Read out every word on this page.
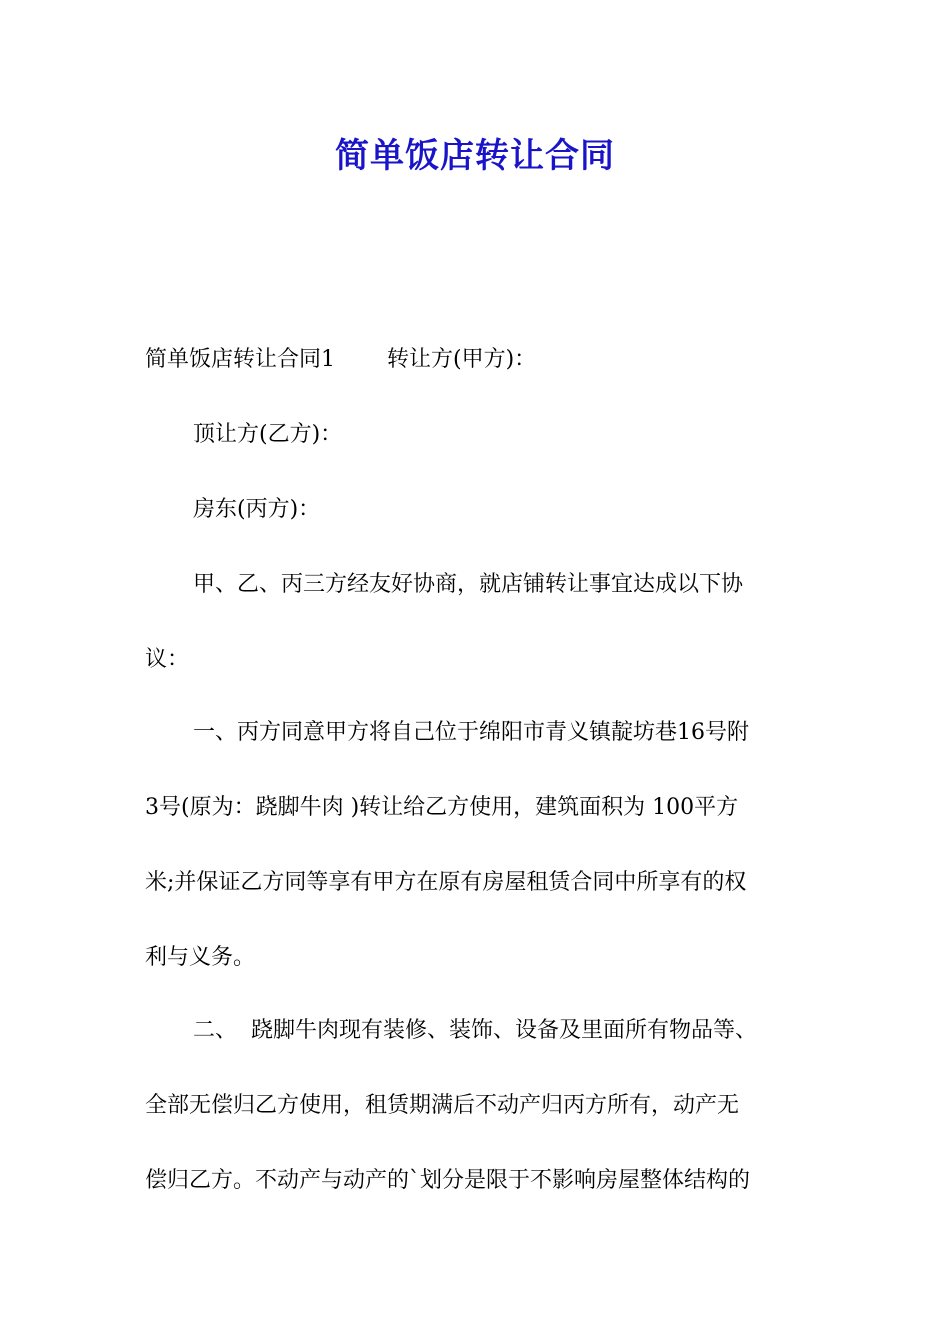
简单饭店转让合同
简单饭店转让合同1 转让方(甲方)：
顶让方(乙方)：
房东(丙方)：
甲、乙、丙三方经友好协商，就店铺转让事宜达成以下协
议：
一、丙方同意甲方将自己位于绵阳市青义镇靛坊巷16号附
3号(原为：跷脚牛肉 )转让给乙方使用，建筑面积为 100平方
米;并保证乙方同等享有甲方在原有房屋租赁合同中所享有的权
利与义务。
二、  跷脚牛肉现有装修、装饰、设备及里面所有物品等、
全部无偿归乙方使用，租赁期满后不动产归丙方所有，动产无
偿归乙方。不动产与动产的`划分是限于不影响房屋整体结构的
